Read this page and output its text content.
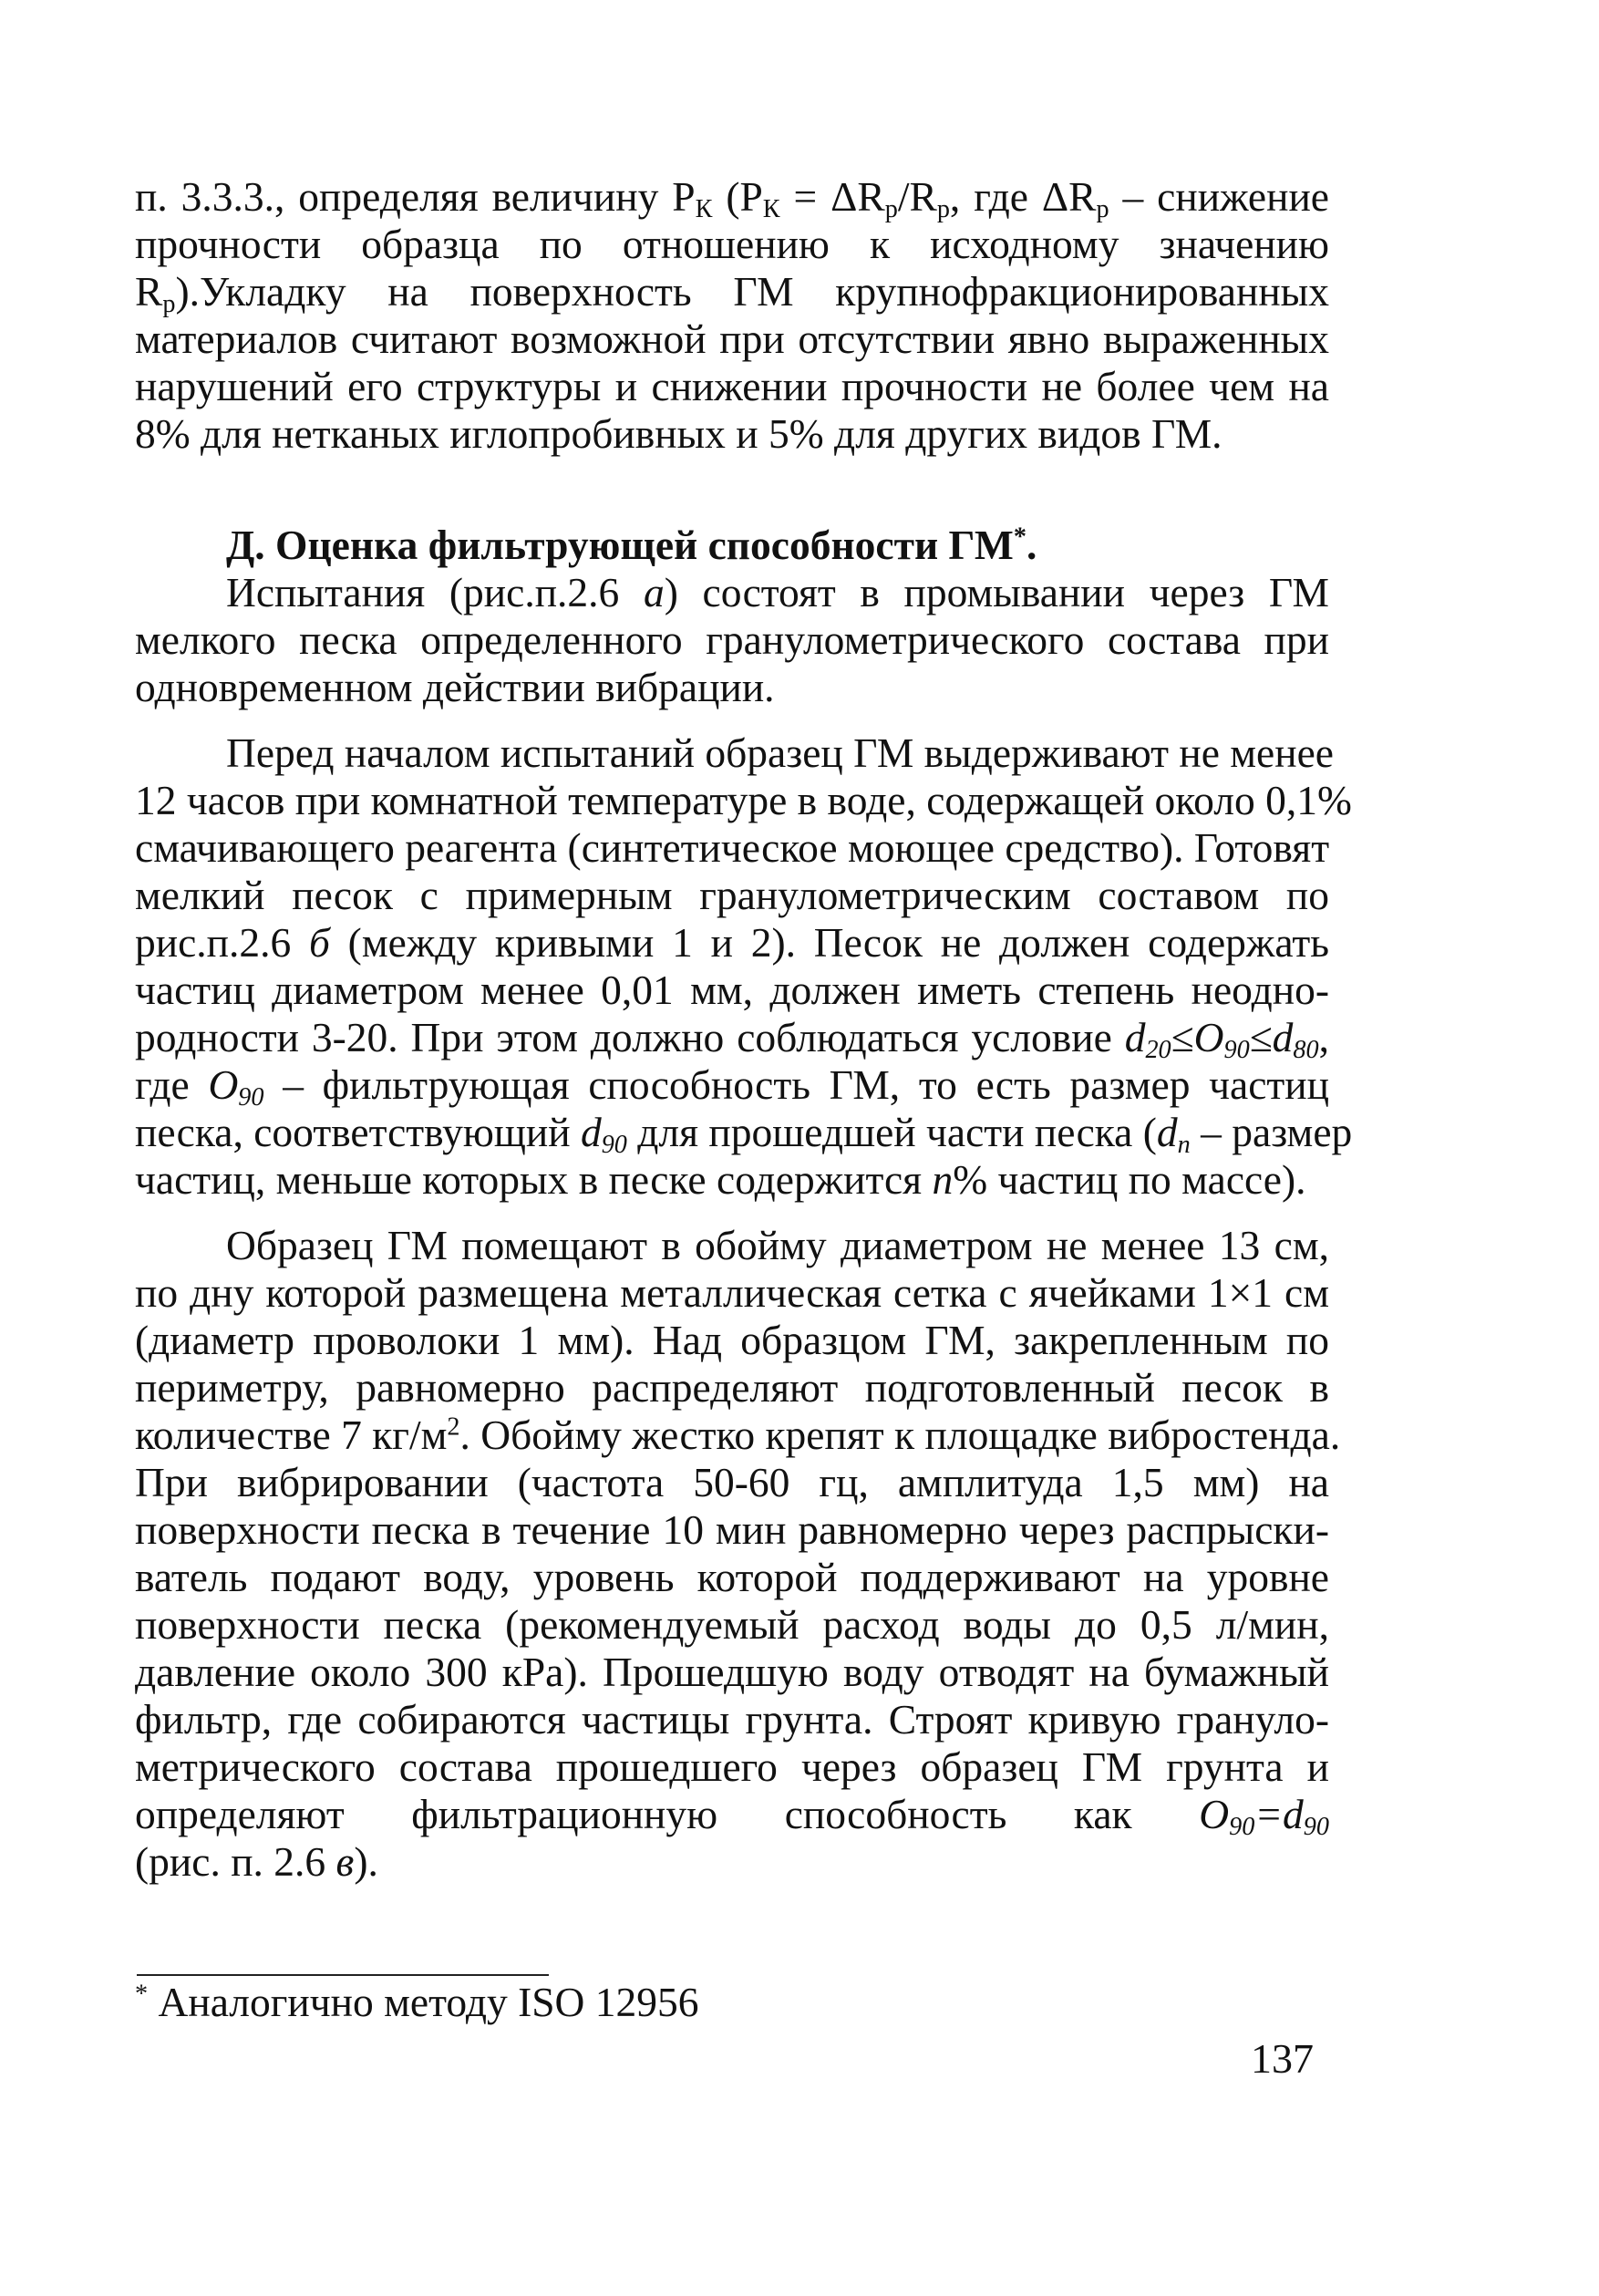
п. 3.3.3., определяя величину $P_К$ ($P_К = \Delta R_р/R_р$, где $\Delta R_р$ – снижение
прочности образца по отношению к исходному значению
$R_р).Укладку$ на поверхность ГМ крупнофракционированных
материалов считают возможной при отсутствии явно выраженных
нарушений его структуры и снижении прочности не более чем на
8% для нетканых иглопробивных и 5% для других видов ГМ.
Д. Оценка фильтрующей способности ГМ*.
Испытания (рис.п.2.6 а) состоят в промывании через ГМ
мелкого песка определенного гранулометрического состава при
одновременном действии вибрации.
Перед началом испытаний образец ГМ выдерживают не менее
12 часов при комнатной температуре в воде, содержащей около 0,1%
смачивающего реагента (синтетическое моющее средство). Готовят
мелкий песок с примерным гранулометрическим составом по
рис.п.2.6 б (между кривыми 1 и 2). Песок не должен содержать
частиц диаметром менее 0,01 мм, должен иметь степень неодно-
родности 3-20. При этом должно соблюдаться условие $d_{20}\le O_{90}\le d_{80}$,
где $O_{90}$ – фильтрующая способность ГМ, то есть размер частиц
песка, соответствующий $d_{90}$ для прошедшей части песка ($d_п$ – размер
частиц, меньше которых в песке содержится n% частиц по массе).
Образец ГМ помещают в обойму диаметром не менее 13 см,
по дну которой размещена металлическая сетка с ячейками 1×1 см
(диаметр проволоки 1 мм). Над образцом ГМ, закрепленным по
периметру, равномерно распределяют подготовленный песок в
количестве 7 $кг/м^2$. Обойму жестко крепят к площадке вибростенда.
При вибрировании (частота 50-60 гц, амплитуда 1,5 мм) на
поверхности песка в течение 10 мин равномерно через распрыски-
ватель подают воду, уровень которой поддерживают на уровне
поверхности песка (рекомендуемый расход воды до 0,5 л/мин,
давление около 300 кРа). Прошедшую воду отводят на бумажный
фильтр, где собираются частицы грунта. Строят кривую грануло-
метрического состава прошедшего через образец ГМ грунта и
определяют фильтрационную способность как $O_{90}=d_{90}$
(рис. п. 2.6 в).
* Аналогично методу ISO 12956
137
